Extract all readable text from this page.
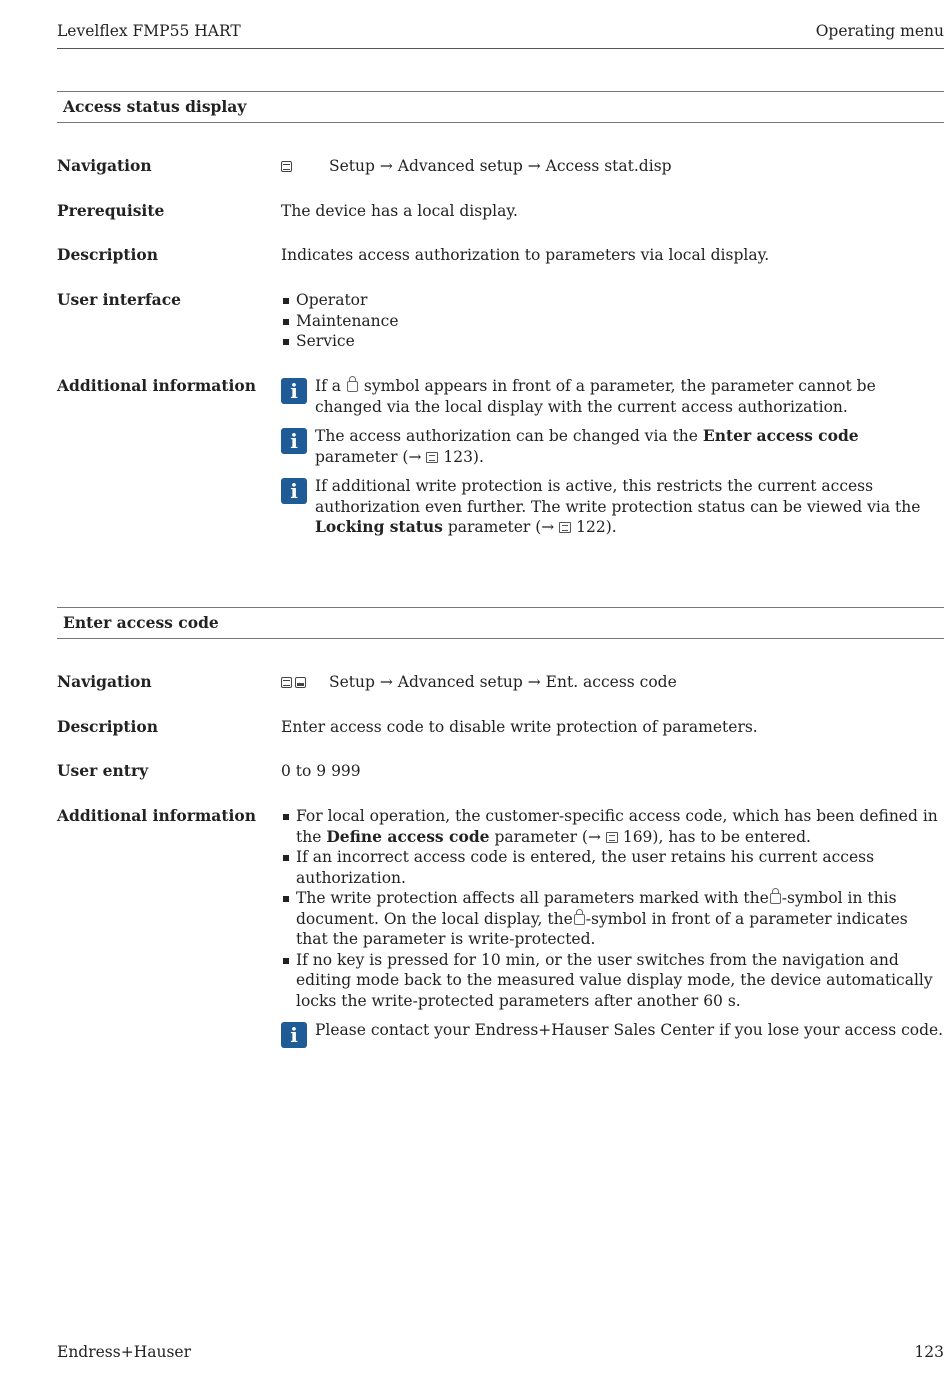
Levelflex FMP55 HART	Operating menu
Access status display
Navigation	Setup → Advanced setup → Access stat.disp
Prerequisite	The device has a local display.
Description	Indicates access authorization to parameters via local display.
User interface	Operator
Maintenance
Service
Additional information	i	If a symbol appears in front of a parameter, the parameter cannot be changed via the local display with the current access authorization.
i	The access authorization can be changed via the Enter access code parameter (→ 123).
i	If additional write protection is active, this restricts the current access authorization even further. The write protection status can be viewed via the Locking status parameter (→ 122).
Enter access code
Navigation	Setup → Advanced setup → Ent. access code
Description	Enter access code to disable write protection of parameters.
User entry	0 to 9 999
Additional information	For local operation, the customer-specific access code, which has been defined in the Define access code parameter (→ 169), has to be entered.
If an incorrect access code is entered, the user retains his current access authorization.
The write protection affects all parameters marked with the -symbol in this document. On the local display, the -symbol in front of a parameter indicates that the parameter is write-protected.
If no key is pressed for 10 min, or the user switches from the navigation and editing mode back to the measured value display mode, the device automatically locks the write-protected parameters after another 60 s.
i	Please contact your Endress+Hauser Sales Center if you lose your access code.
Endress+Hauser	123
